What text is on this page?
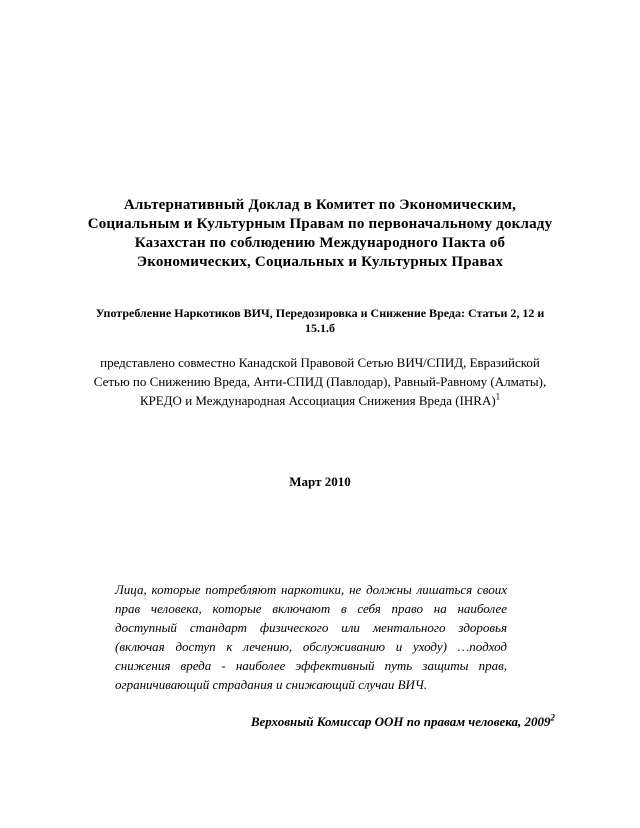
Альтернативный Доклад в Комитет по Экономическим, Социальным и Культурным Правам по первоначальному докладу Казахстан по соблюдению Международного Пакта об Экономических, Социальных и Культурных Правах
Употребление Наркотиков ВИЧ, Передозировка и Снижение Вреда: Статьи 2, 12 и 15.1.б

представлено совместно Канадской Правовой Сетью ВИЧ/СПИД, Евразийской Сетью по Снижению Вреда, Анти-СПИД (Павлодар), Равный-Равному (Алматы), КРЕДО и Международная Ассоциация Снижения Вреда (IHRA)$^1$

Март 2010

Лица, которые потребляют наркотики, не должны лишаться своих прав человека, которые включают в себя право на наиболее доступный стандарт физического или ментального здоровья (включая доступ к лечению, обслуживанию и уходу) …подход снижения вреда - наиболее эффективный путь защиты прав, ограничивающий страдания и снижающий случаи ВИЧ.

Верховный Комиссар ООН по правам человека, 2009$^2$
